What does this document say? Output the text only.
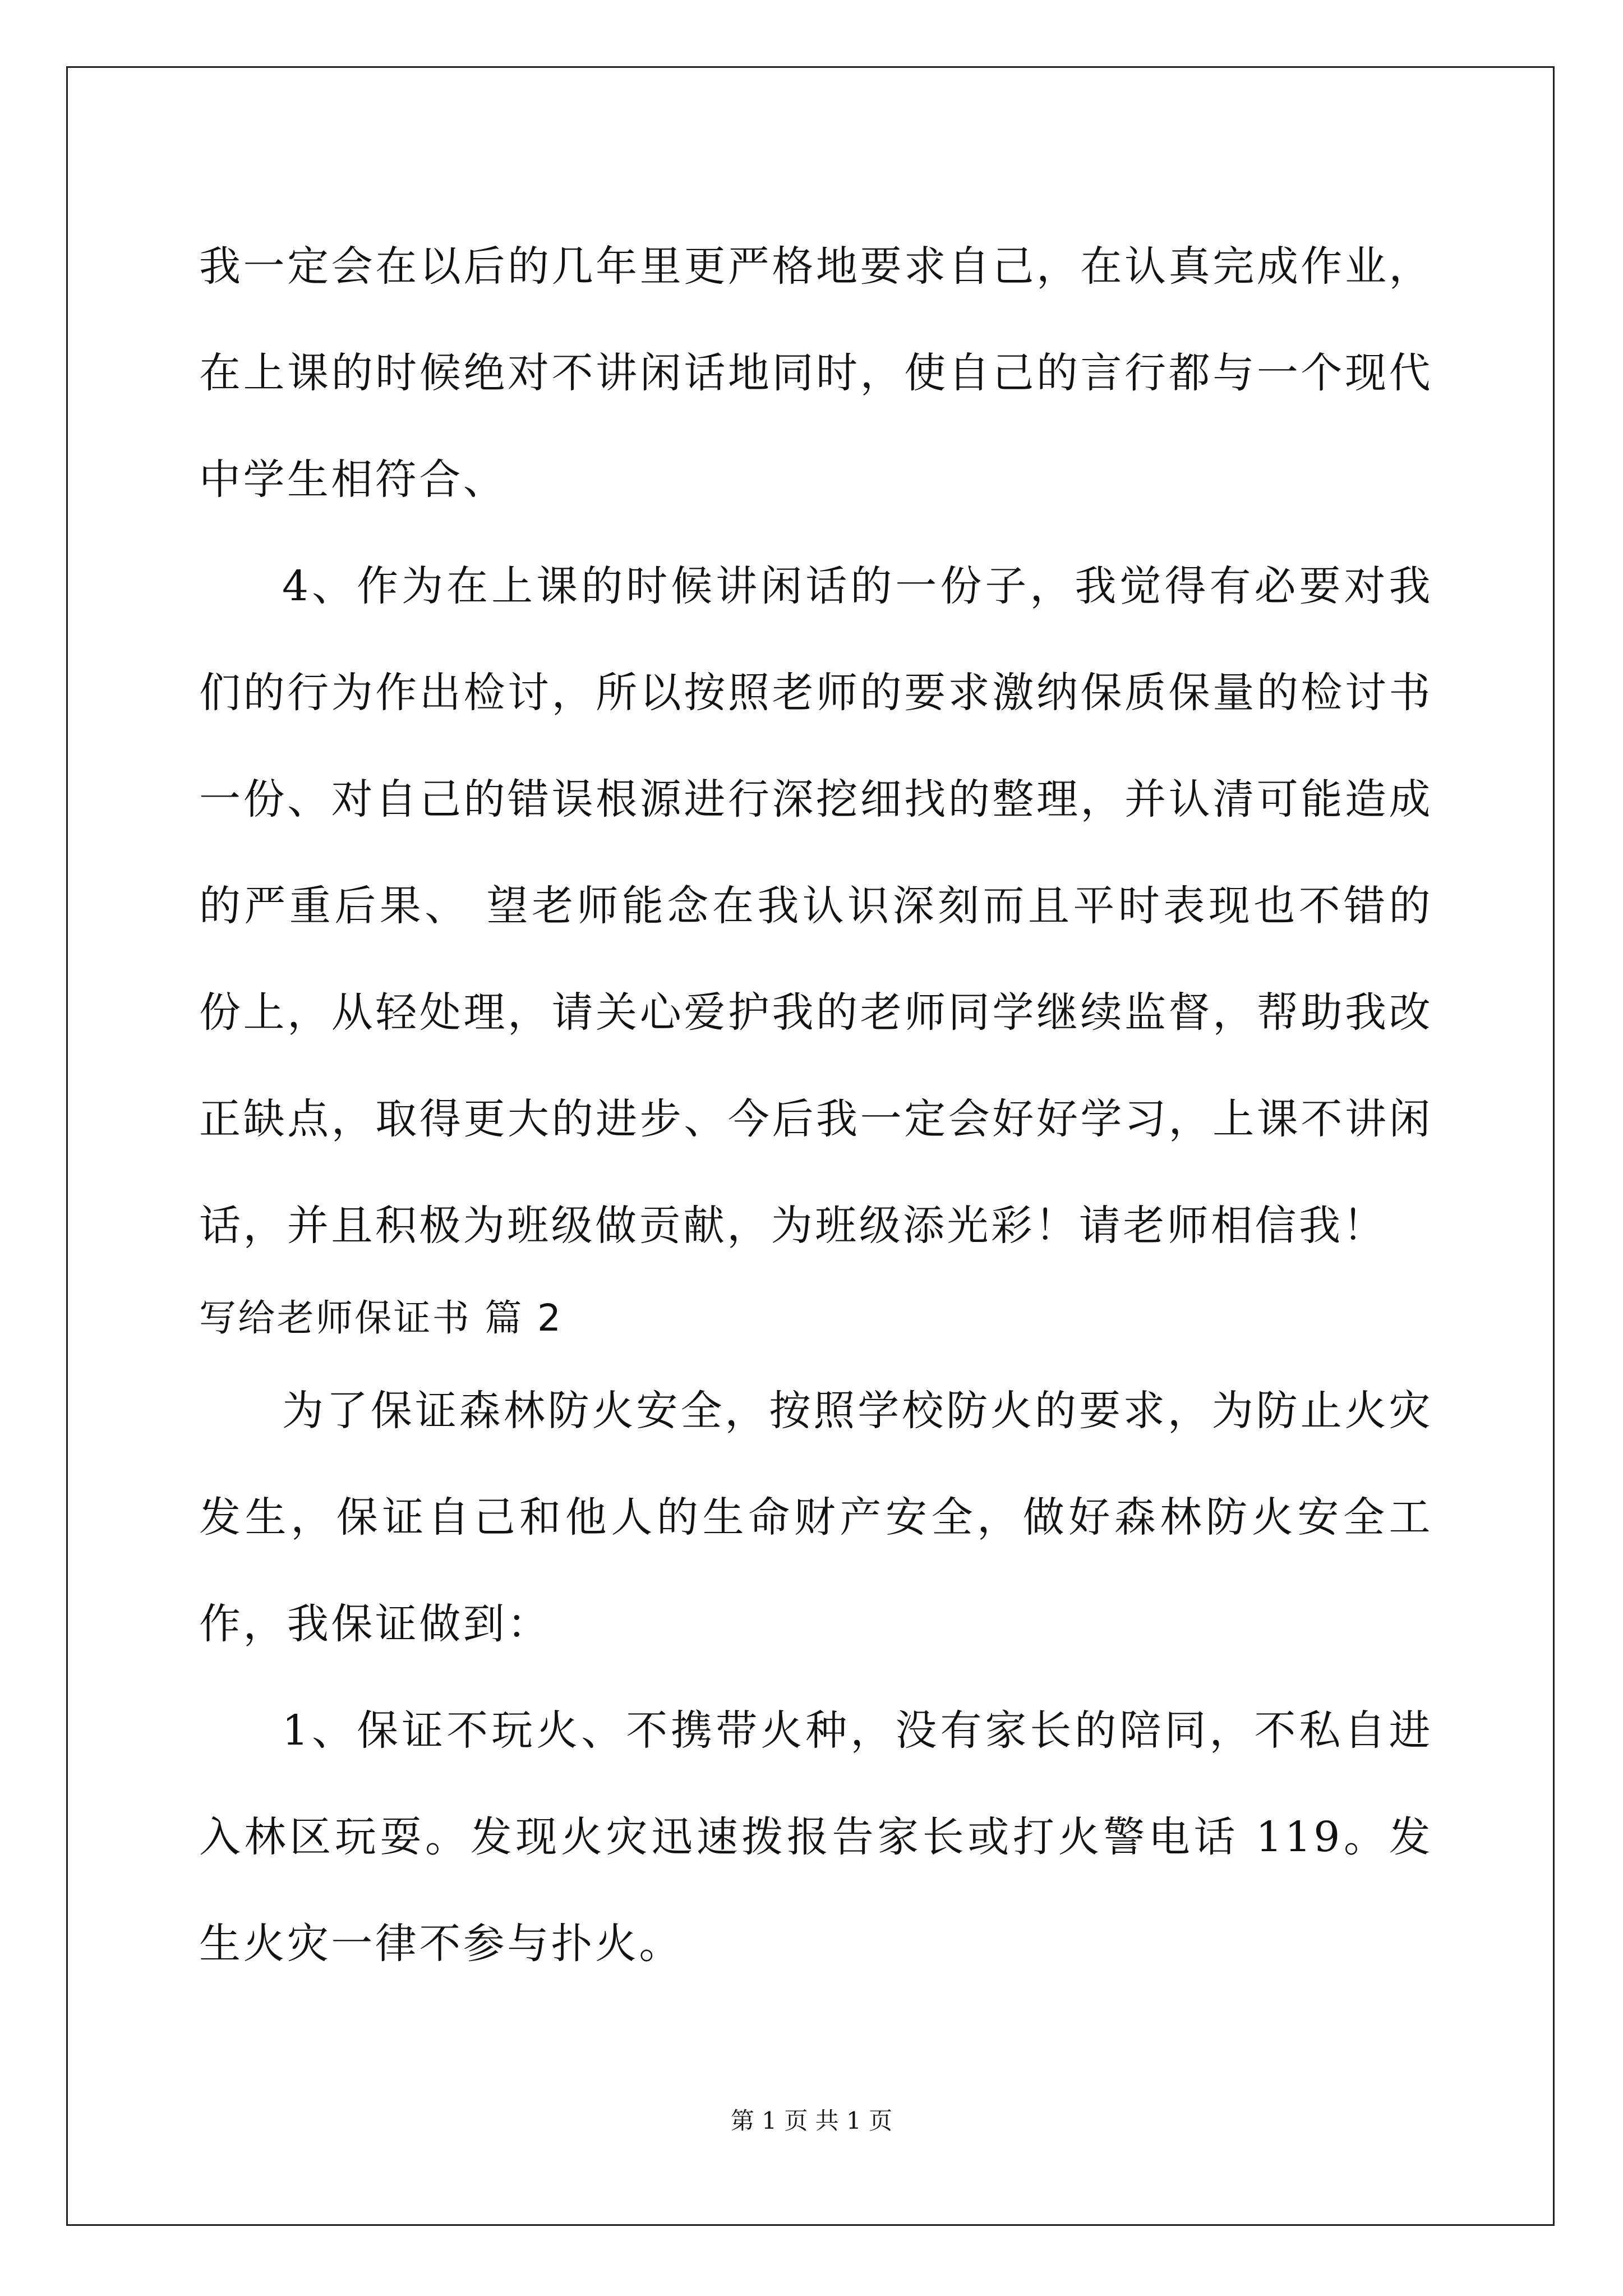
我一定会在以后的几年里更严格地要求自己，在认真完成作业，在上课的时候绝对不讲闲话地同时，使自己的言行都与一个现代中学生相符合、

4、作为在上课的时候讲闲话的一份子，我觉得有必要对我们的行为作出检讨，所以按照老师的要求激纳保质保量的检讨书一份、对自己的错误根源进行深挖细找的整理，并认清可能造成的严重后果、 望老师能念在我认识深刻而且平时表现也不错的份上，从轻处理，请关心爱护我的老师同学继续监督，帮助我改正缺点，取得更大的进步、今后我一定会好好学习，上课不讲闲话，并且积极为班级做贡献，为班级添光彩！请老师相信我！

写给老师保证书 篇 2

为了保证森林防火安全，按照学校防火的要求，为防止火灾发生，保证自己和他人的生命财产安全，做好森林防火安全工作，我保证做到：

1、保证不玩火、不携带火种，没有家长的陪同，不私自进入林区玩耍。发现火灾迅速拨报告家长或打火警电话 119。发生火灾一律不参与扑火。

第 1 页 共 1 页
